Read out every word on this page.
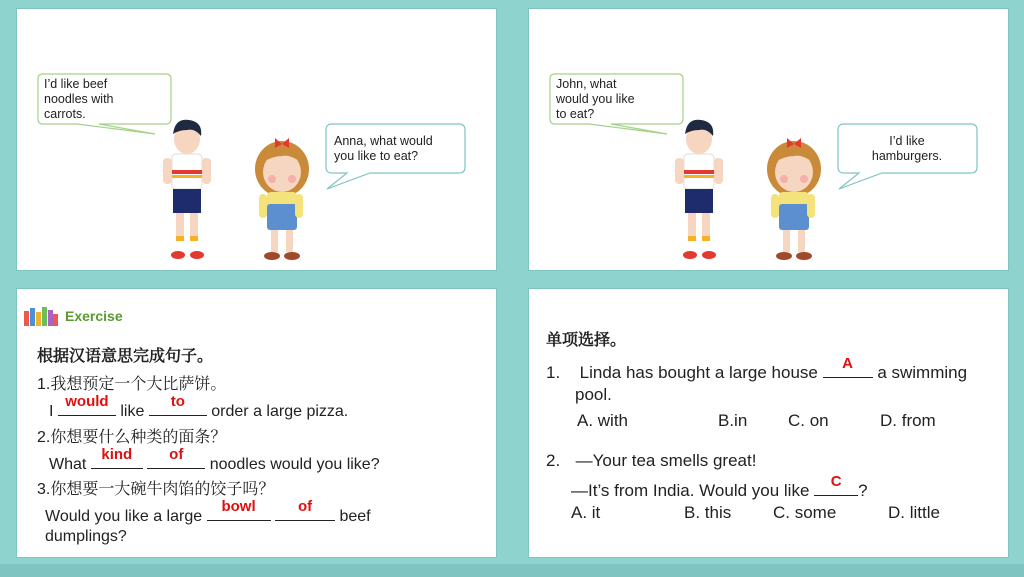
I’d like beef
noodles with
carrots.
Anna, what would
you like to eat?
John, what
would you like
to eat?
I’d like
hamburgers.
Exercise
根据汉语意思完成句子。
1.我想预定一个大比萨饼。
I
would
like
to
order a large pizza.
2.你想要什么种类的面条？
What
kind
	of
noodles would you like?
3.你想要一大碗牛肉馅的饺子吗？
Would you like a large
bowl
	of
beef
dumplings?
单项选择。
1. Linda has bought a large house	A	a swimming
pool.
A. with	B.in C. on	D. from
2. —Your tea smells great!
—It’s from India. Would you like	C ?
A. it	B. this C. some	D. little
